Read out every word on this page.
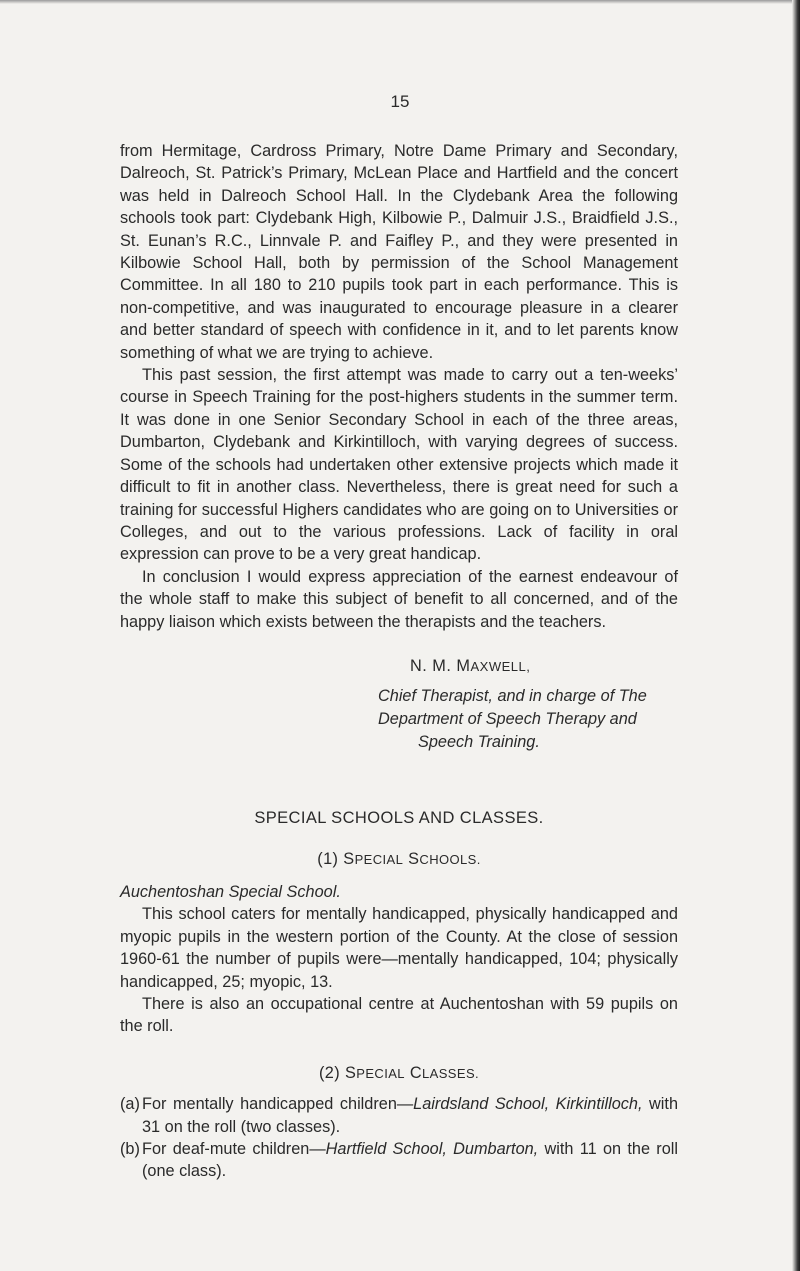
15

from Hermitage, Cardross Primary, Notre Dame Primary and Secondary, Dalreoch, St. Patrick’s Primary, McLean Place and Hartfield and the concert was held in Dalreoch School Hall. In the Clydebank Area the following schools took part: Clydebank High, Kilbowie P., Dalmuir J.S., Braidfield J.S., St. Eunan’s R.C., Linnvale P. and Faifley P., and they were presented in Kilbowie School Hall, both by permission of the School Management Committee. In all 180 to 210 pupils took part in each performance. This is non-competitive, and was inaugurated to encourage pleasure in a clearer and better standard of speech with confidence in it, and to let parents know something of what we are trying to achieve.

This past session, the first attempt was made to carry out a ten-weeks’ course in Speech Training for the post-highers students in the summer term. It was done in one Senior Secondary School in each of the three areas, Dumbarton, Clydebank and Kirkintilloch, with varying degrees of success. Some of the schools had undertaken other extensive projects which made it difficult to fit in another class. Nevertheless, there is great need for such a training for successful Highers candidates who are going on to Universities or Colleges, and out to the various professions. Lack of facility in oral expression can prove to be a very great handicap.

In conclusion I would express appreciation of the earnest endeavour of the whole staff to make this subject of benefit to all concerned, and of the happy liaison which exists between the therapists and the teachers.

N. M. MAXWELL,
Chief Therapist, and in charge of The
Department of Speech Therapy and
Speech Training.
SPECIAL SCHOOLS AND CLASSES.
(1) SPECIAL SCHOOLS.
Auchentoshan Special School.

This school caters for mentally handicapped, physically handicapped and myopic pupils in the western portion of the County. At the close of session 1960-61 the number of pupils were—mentally handicapped, 104; physically handicapped, 25; myopic, 13.

There is also an occupational centre at Auchentoshan with 59 pupils on the roll.

(2) SPECIAL CLASSES.
(a) For mentally handicapped children—Lairdsland School, Kirkintilloch, with 31 on the roll (two classes).
(b) For deaf-mute children—Hartfield School, Dumbarton, with 11 on the roll (one class).
